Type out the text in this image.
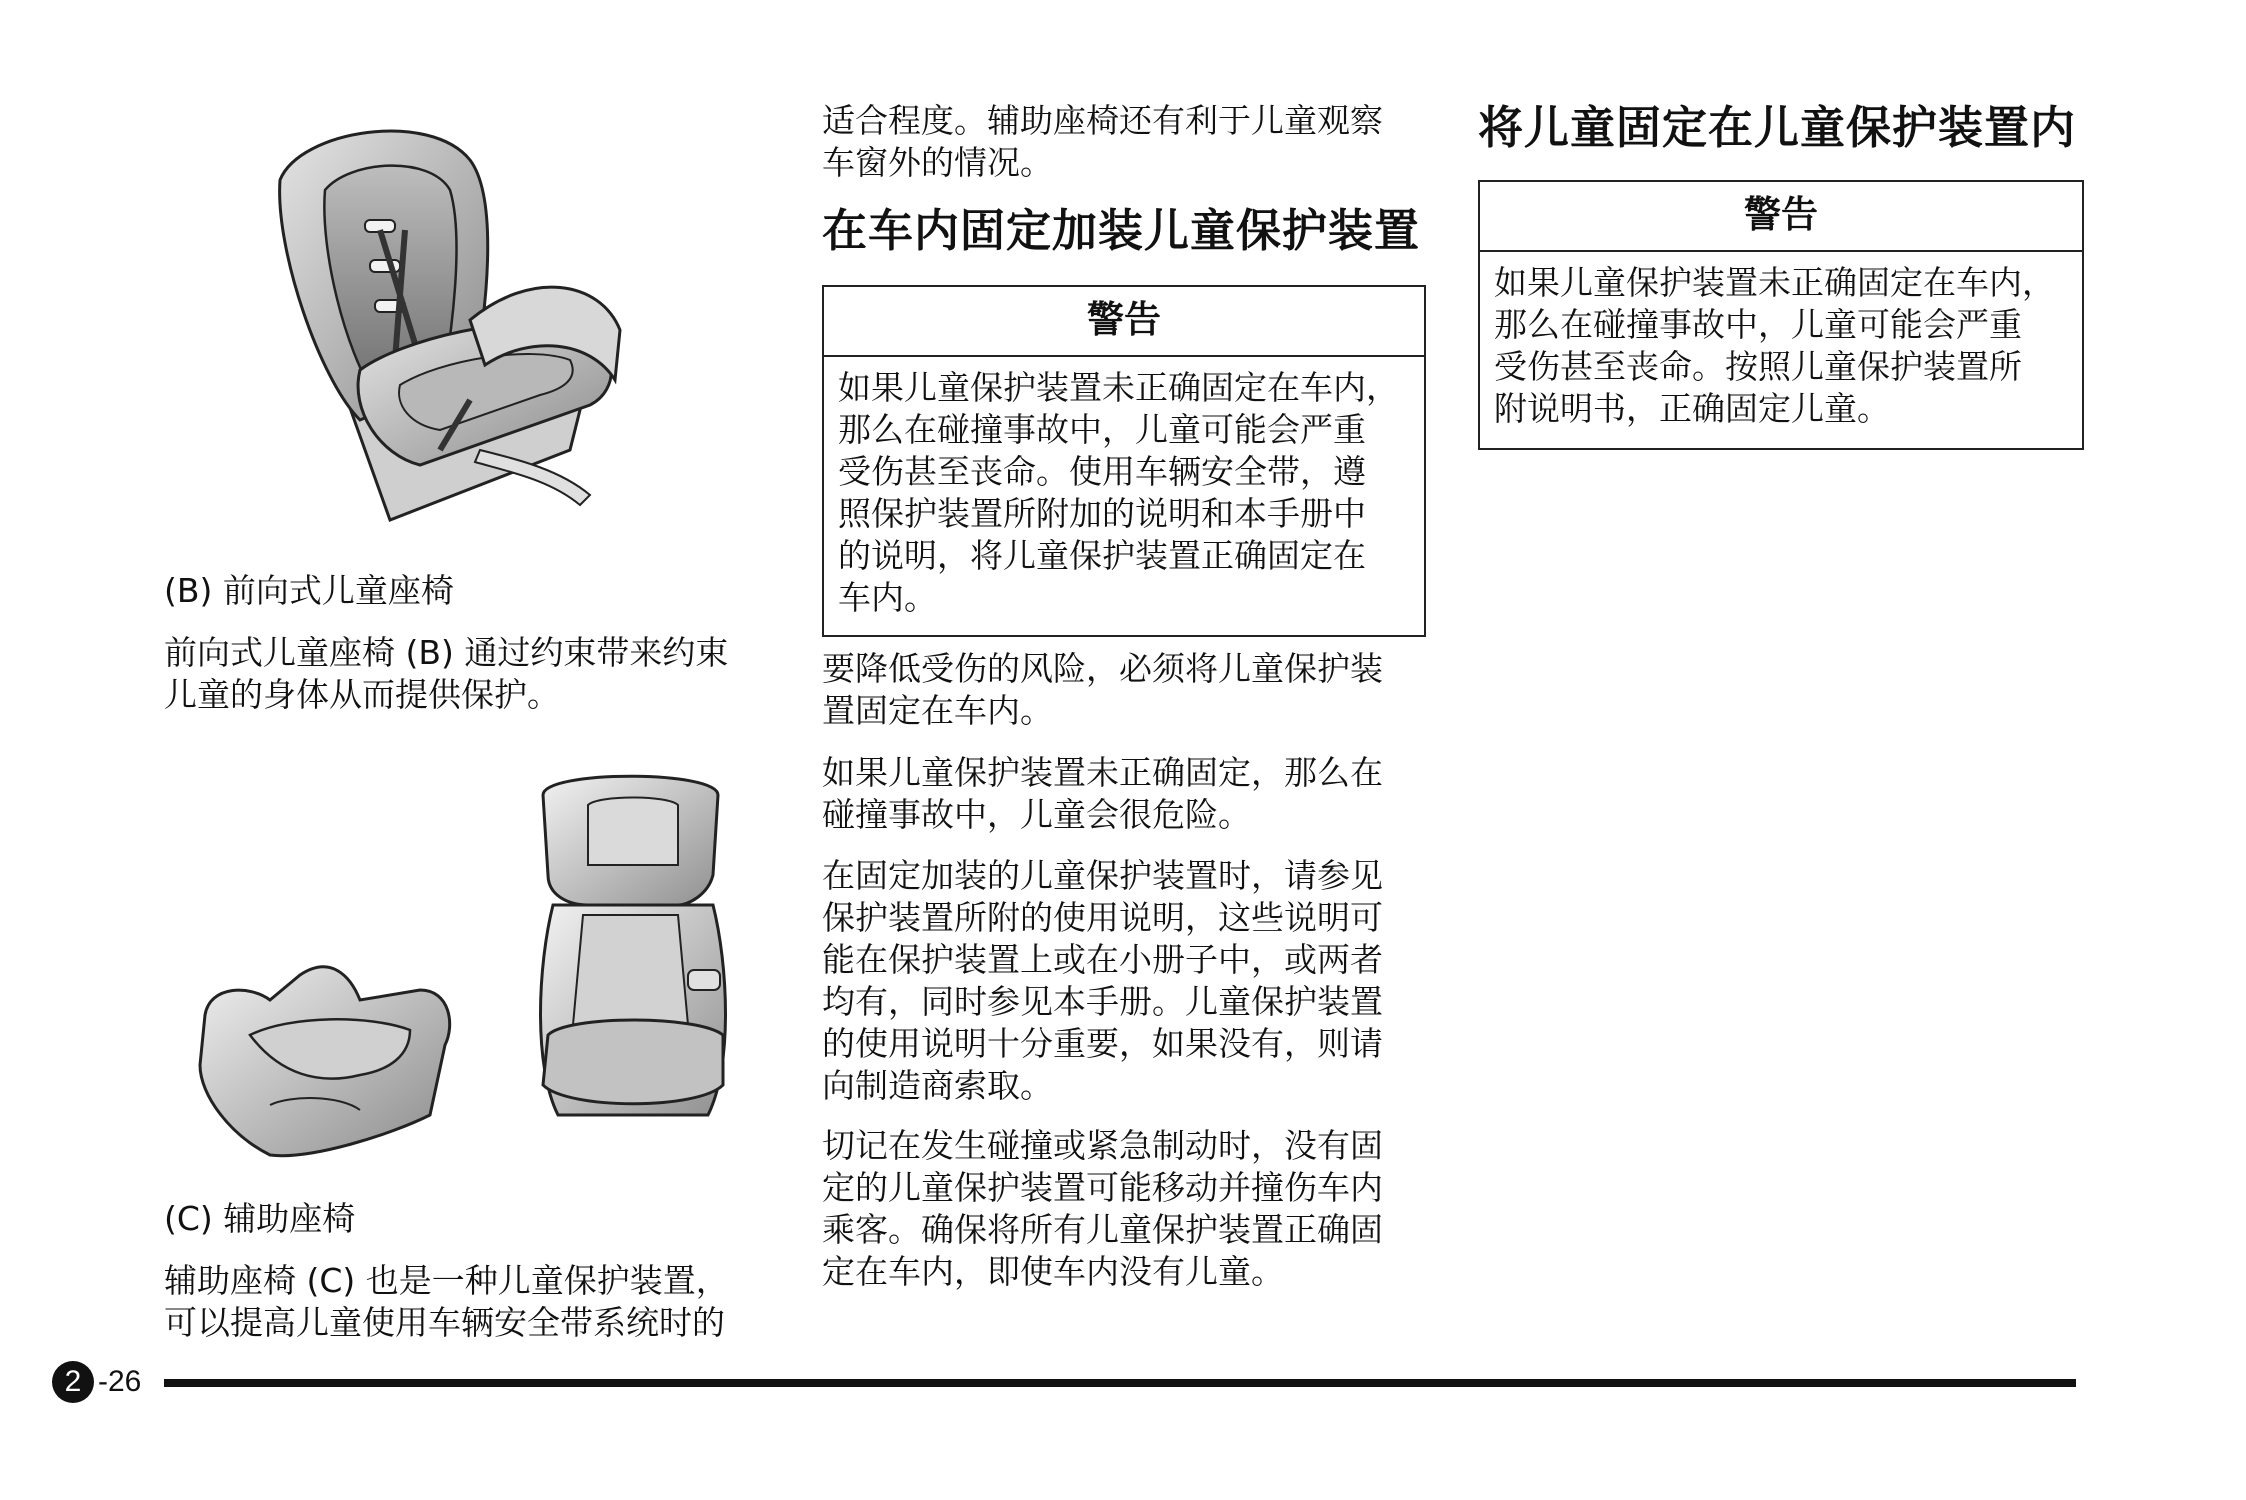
(B) 前向式儿童座椅

前向式儿童座椅 (B) 通过约束带来约束

儿童的身体从而提供保护。

(C) 辅助座椅

辅助座椅 (C) 也是一种儿童保护装置，

可以提高儿童使用车辆安全带系统时的

适合程度。辅助座椅还有利于儿童观察

车窗外的情况。

在车内固定加装儿童保护装置
警告
如果儿童保护装置未正确固定在车内，
那么在碰撞事故中，儿童可能会严重
受伤甚至丧命。使用车辆安全带，遵
照保护装置所附加的说明和本手册中
的说明，将儿童保护装置正确固定在
车内。

要降低受伤的风险，必须将儿童保护装

置固定在车内。

如果儿童保护装置未正确固定，那么在

碰撞事故中，儿童会很危险。

在固定加装的儿童保护装置时，请参见

保护装置所附的使用说明，这些说明可

能在保护装置上或在小册子中，或两者

均有，同时参见本手册。儿童保护装置

的使用说明十分重要，如果没有，则请

向制造商索取。

切记在发生碰撞或紧急制动时，没有固

定的儿童保护装置可能移动并撞伤车内

乘客。确保将所有儿童保护装置正确固

定在车内，即使车内没有儿童。

将儿童固定在儿童保护装置内
警告
如果儿童保护装置未正确固定在车内，
那么在碰撞事故中，儿童可能会严重
受伤甚至丧命。按照儿童保护装置所
附说明书，正确固定儿童。
2 -26
